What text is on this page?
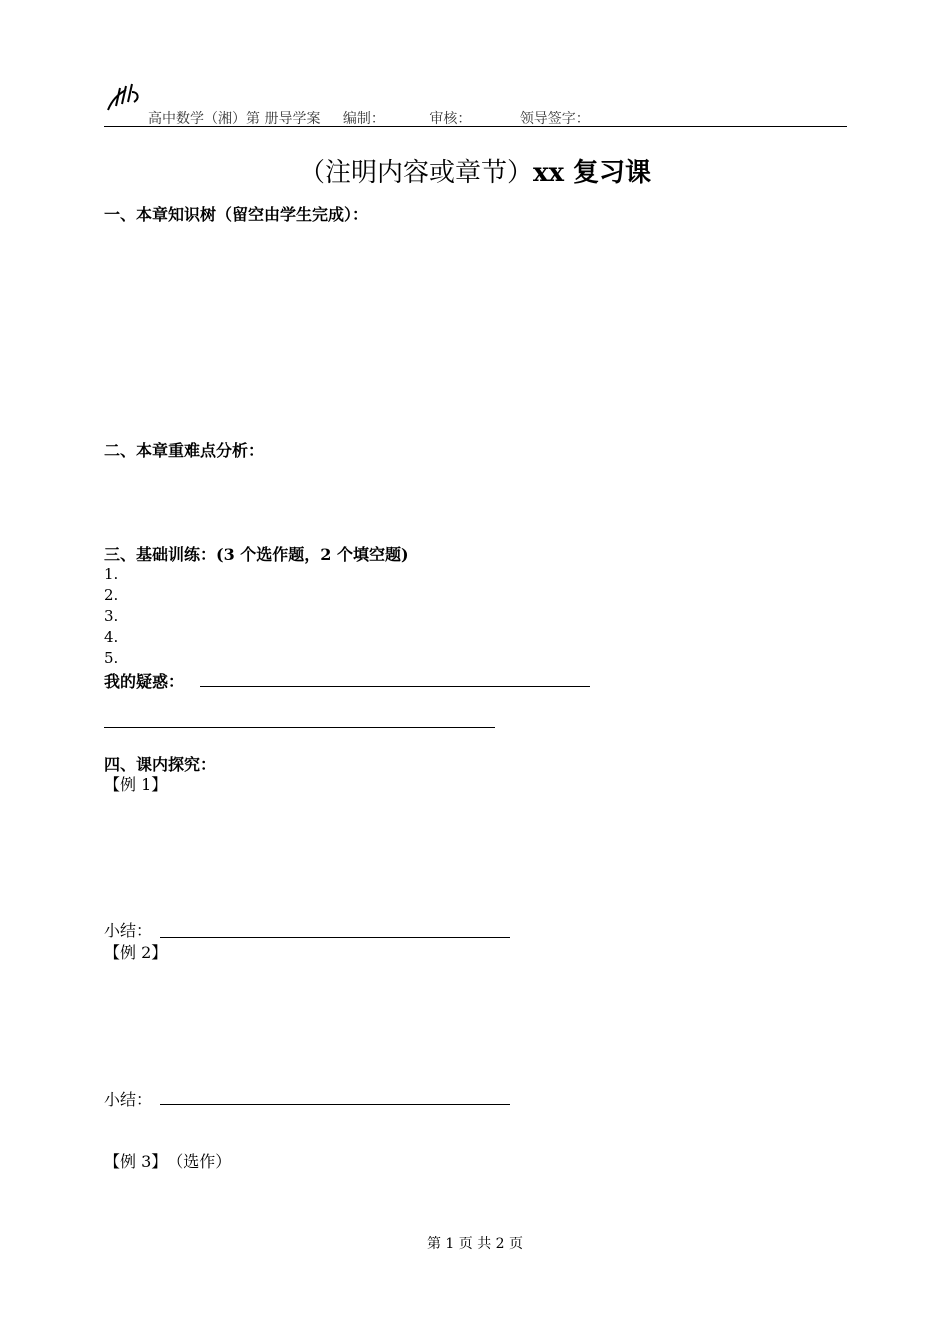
高中数学（湘）第 册导学案 编制：	审核：	领导签字：
（注明内容或章节）xx 复习课
一、本章知识树（留空由学生完成）：
二、本章重难点分析：
三、基础训练：(3 个选作题，2 个填空题)
1.
2.
3.
4.
5.
我的疑惑：
四、课内探究：
【例 1】
小结：
【例 2】
小结：
【例 3】 （选作）
第 1 页 共 2 页
